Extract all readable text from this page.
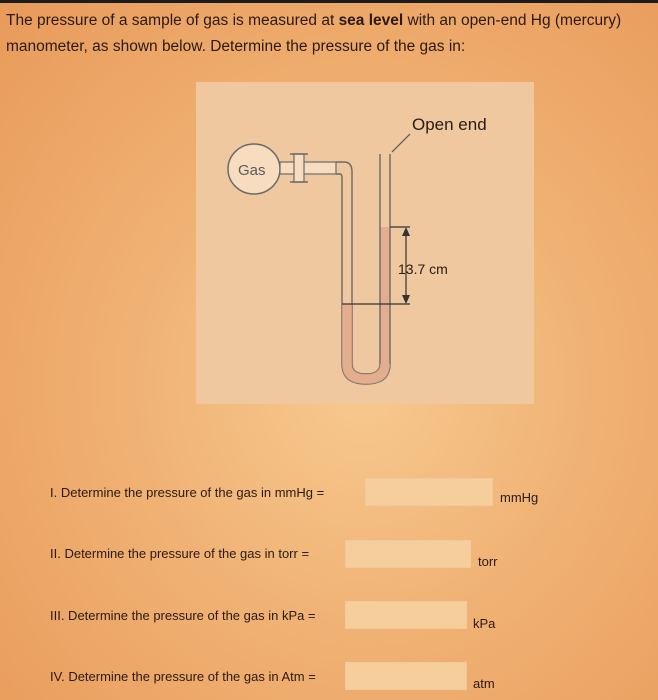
The pressure of a sample of gas is measured at sea level with an open-end Hg (mercury)
manometer, as shown below. Determine the pressure of the gas in:
Open end
Gas
13.7 cm
I. Determine the pressure of the gas in mmHg =	mmHg
II. Determine the pressure of the gas in torr =
torr
III. Determine the pressure of the gas in kPa =
kPa
IV. Determine the pressure of the gas in Atm =	atm
